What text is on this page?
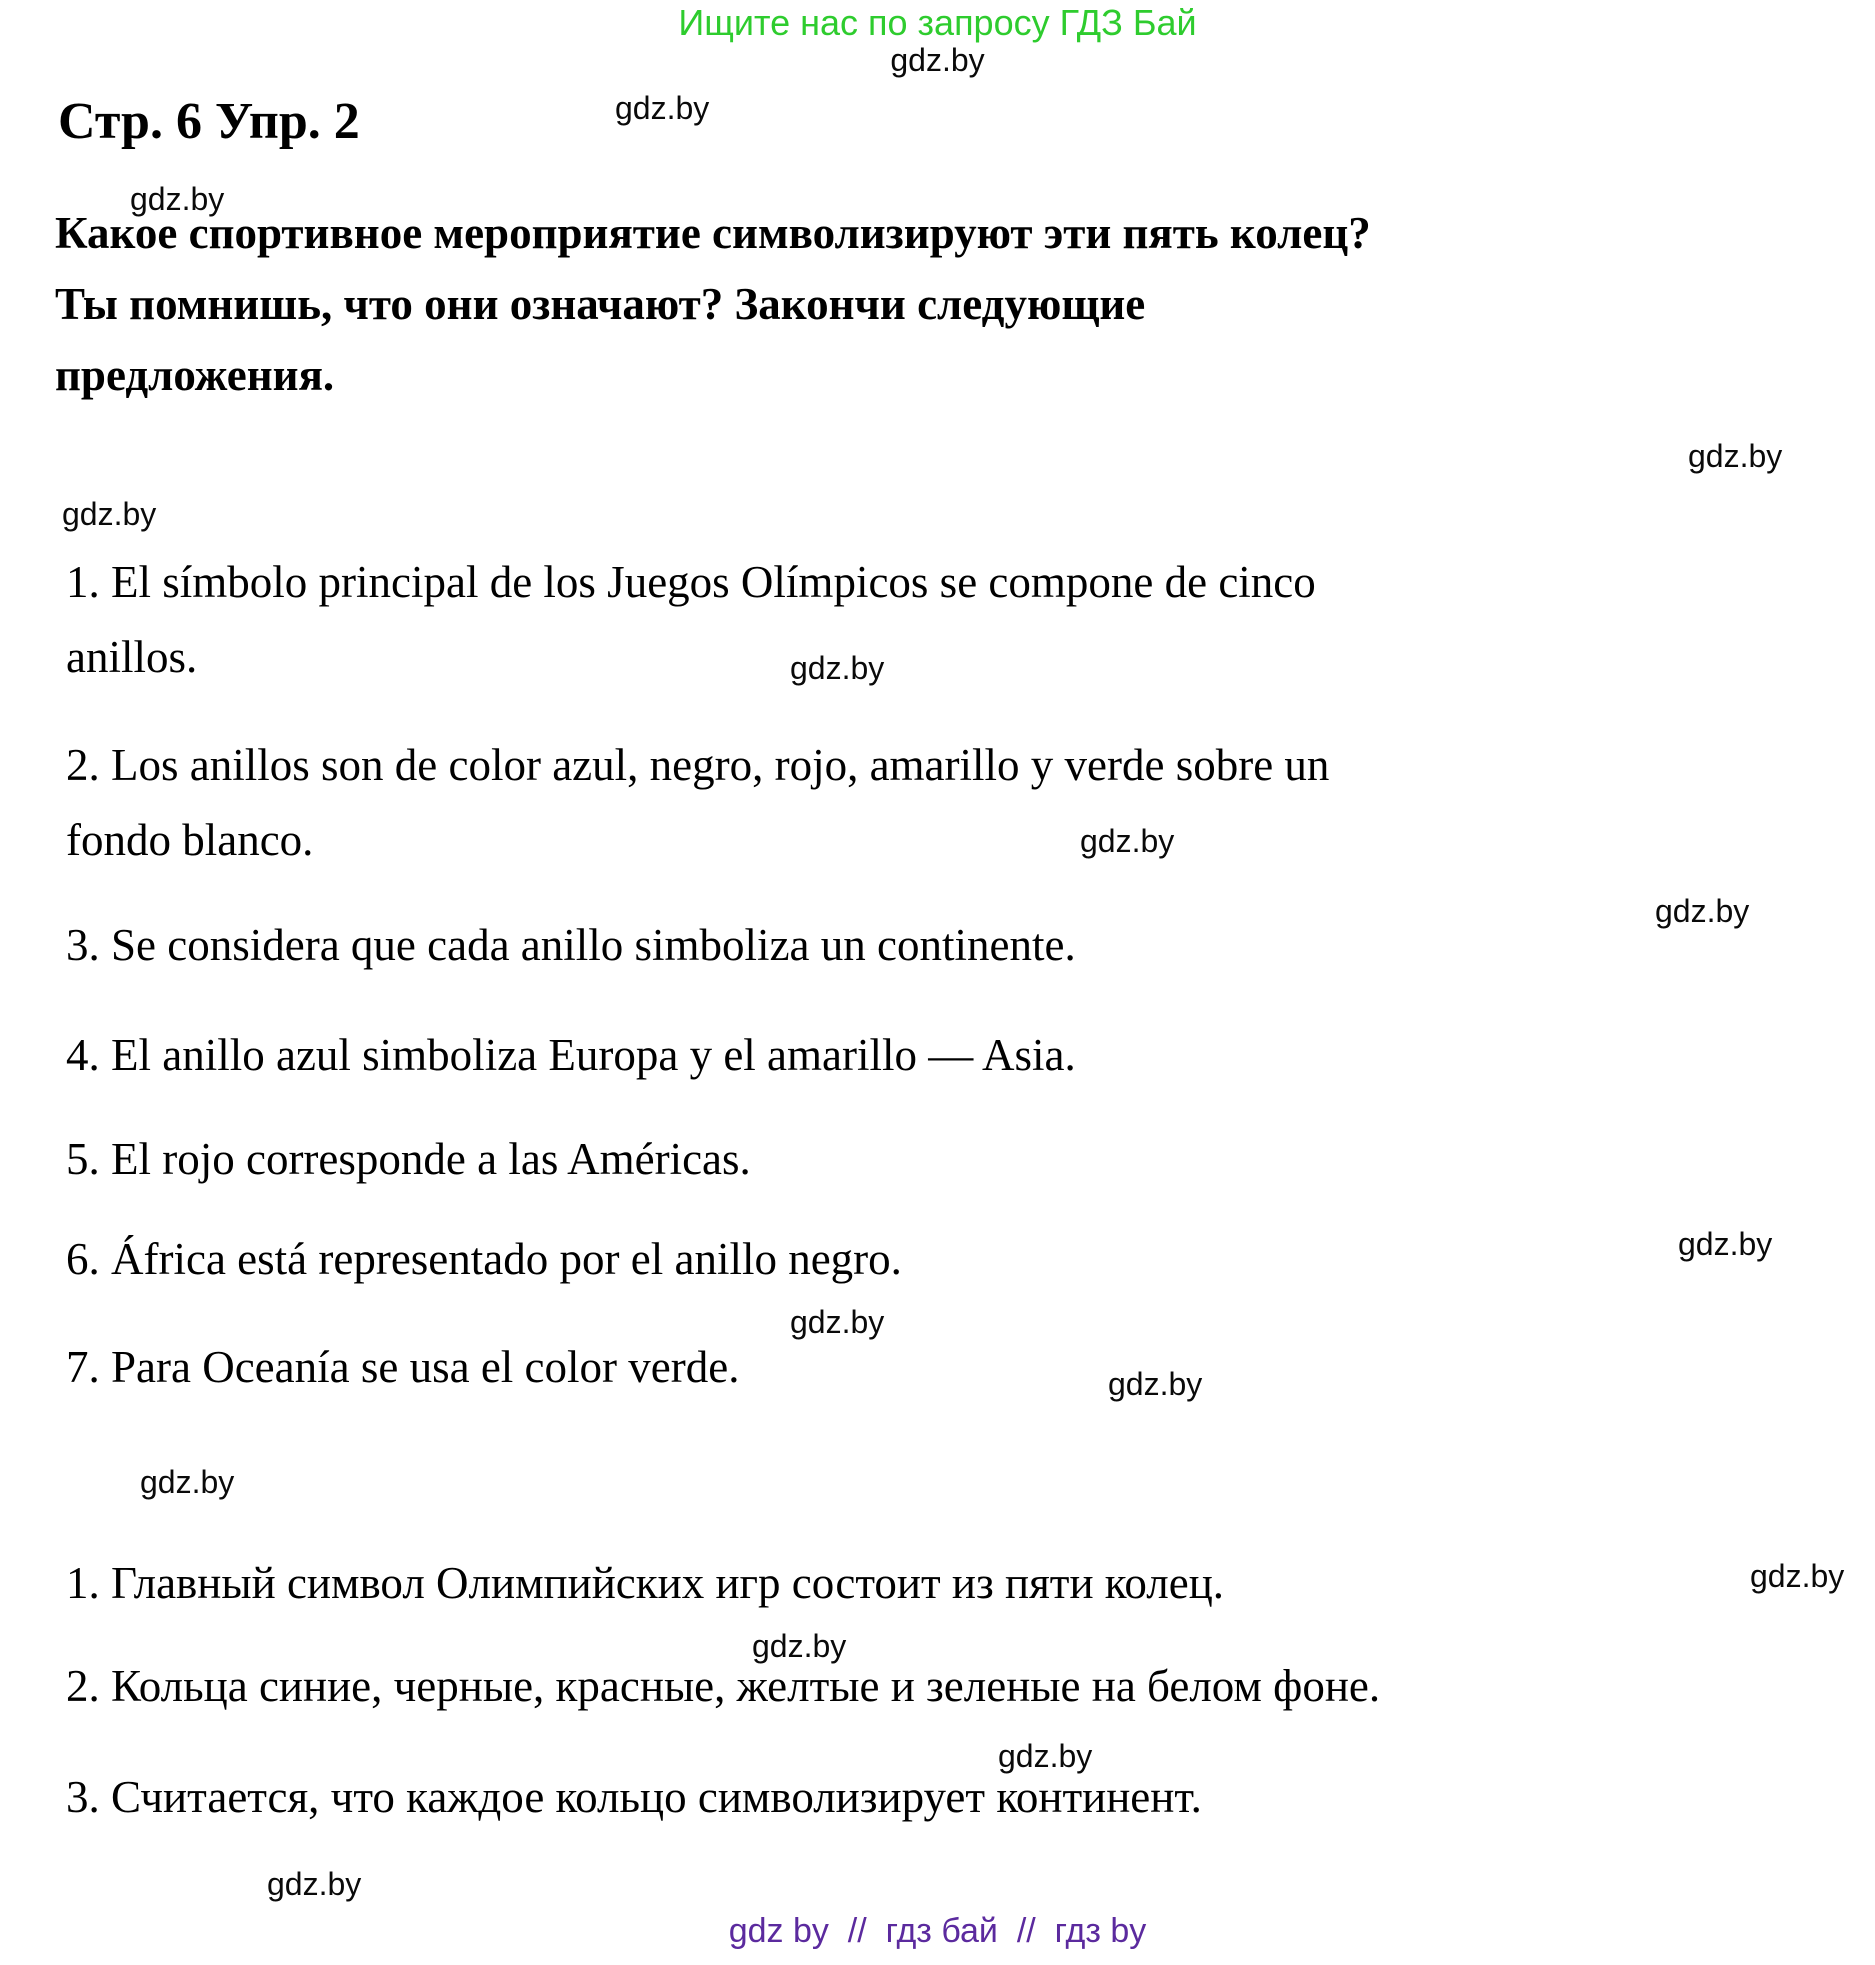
Ищите нас по запросу ГДЗ Бай
gdz.by
gdz.by
gdz.by
gdz.by
gdz.by
gdz.by
gdz.by
gdz.by
gdz.by
gdz.by
gdz.by
gdz.by
gdz.by
gdz.by
gdz.by
gdz.by
Стр. 6 Упр. 2
Какое спортивное мероприятие символизируют эти пять колец?
Ты помнишь, что они означают? Закончи следующие
предложения.
1. El símbolo principal de los Juegos Olímpicos se compone de cinco
anillos.
2. Los anillos son de color azul, negro, rojo, amarillo y verde sobre un
fondo blanco.
3. Se considera que cada anillo simboliza un continente.
4. El anillo azul simboliza Europa y el amarillo — Asia.
5. El rojo corresponde a las Américas.
6. África está representado por el anillo negro.
7. Para Oceanía se usa el color verde.
1. Главный символ Олимпийских игр состоит из пяти колец.
2. Кольца синие, черные, красные, желтые и зеленые на белом фоне.
3. Считается, что каждое кольцо символизирует континент.
gdz by  //  гдз бай  //  гдз by
